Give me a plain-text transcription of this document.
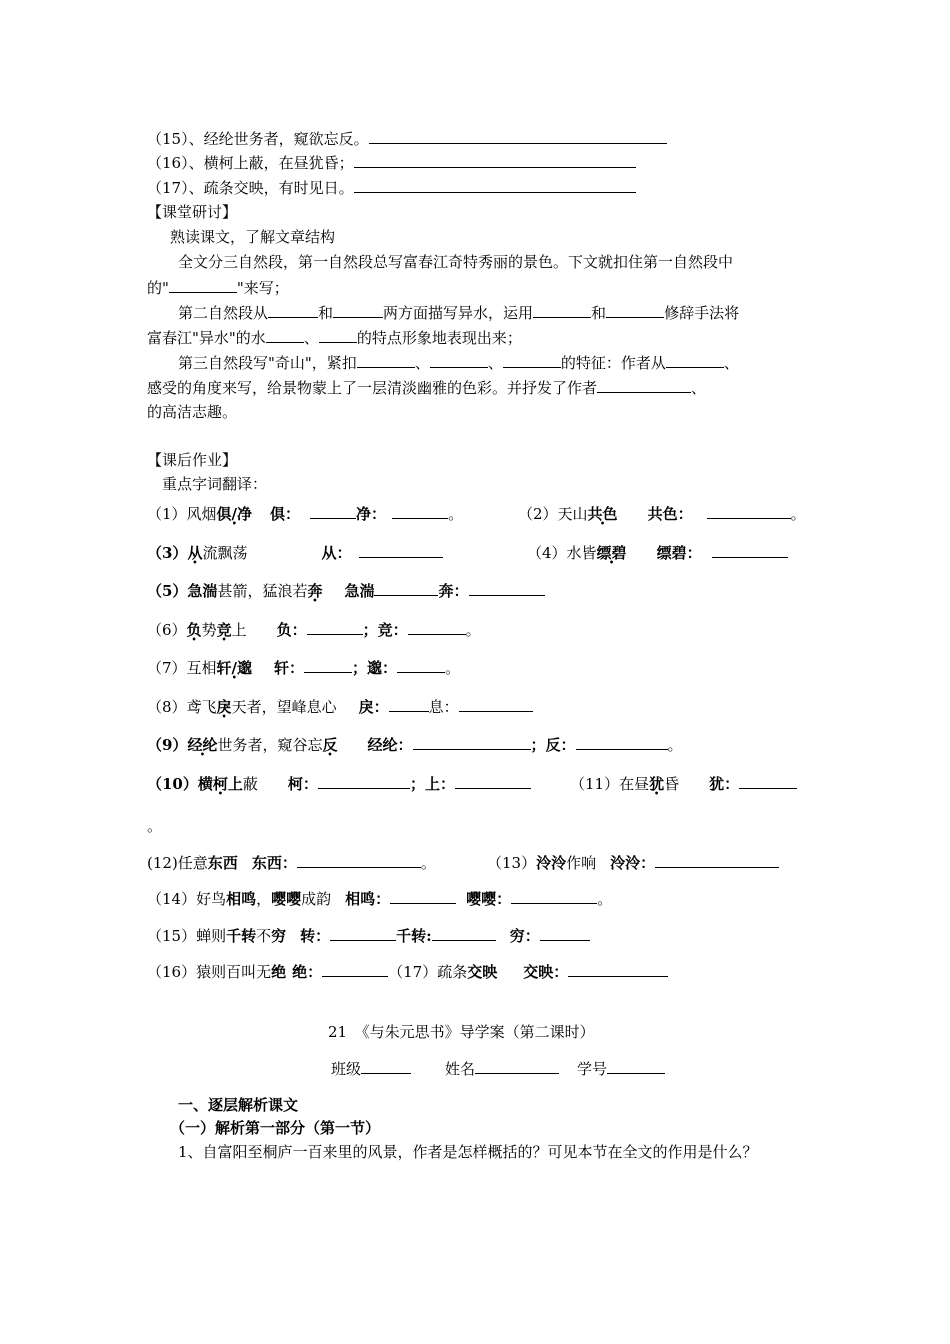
（15）、经纶世务者，窥欲忘反。
（16）、横柯上蔽，在昼犹昏；
（17）、疏条交映，有时见日。
【课堂研讨】
熟读课文，了解文章结构
全文分三自然段，第一自然段总写富春江奇特秀丽的景色。下文就扣住第一自然段中
的"	"来写；
第二自然段从	和	两方面描写异水，运用	和	修辞手法将
富春江"异水"的水	、	的特点形象地表现出来；
第三自然段写"奇山"，紧扣	、	、	的特征：作者从	、
感受的角度来写，给景物蒙上了一层清淡幽雅的色彩。并抒发了作者	、
的高洁志趣。
【课后作业】
重点字词翻译：
（1）风烟俱/净 • 俱：	净：	。	（2）天山共色 共色：	。
（3）从流飘荡	从：	（4）水皆缥碧 缥碧：
（5）急湍甚箭，猛浪若奔 急湍	奔：
（6）负势竞上 负：	；竞：	。
（7）互相轩/邈 • 轩：	；邈：	。
（8）鸢飞戾天者，望峰息心 戾：	息：
（9）经纶世务者，窥谷忘反 经纶：	；反：	。
（10）横柯上蔽 柯：	；上：	（11）在昼犹昏 犹：
。
(12)任意东西 东西：	。	（13）泠泠作响 泠泠：
（14）好鸟相鸣，嘤嘤成韵 相鸣：	嘤嘤：	。
（15）蝉则千转不穷 转：	千转:	穷：
（16）猿则百叫无绝 绝：	（17）疏条交映 交映：
21　《与朱元思书》导学案（第二课时）
班级	姓名	学号
一、逐层解析课文
（一）解析第一部分（第一节）
1、自富阳至桐庐一百来里的风景，作者是怎样概括的？可见本节在全文的作用是什么？
